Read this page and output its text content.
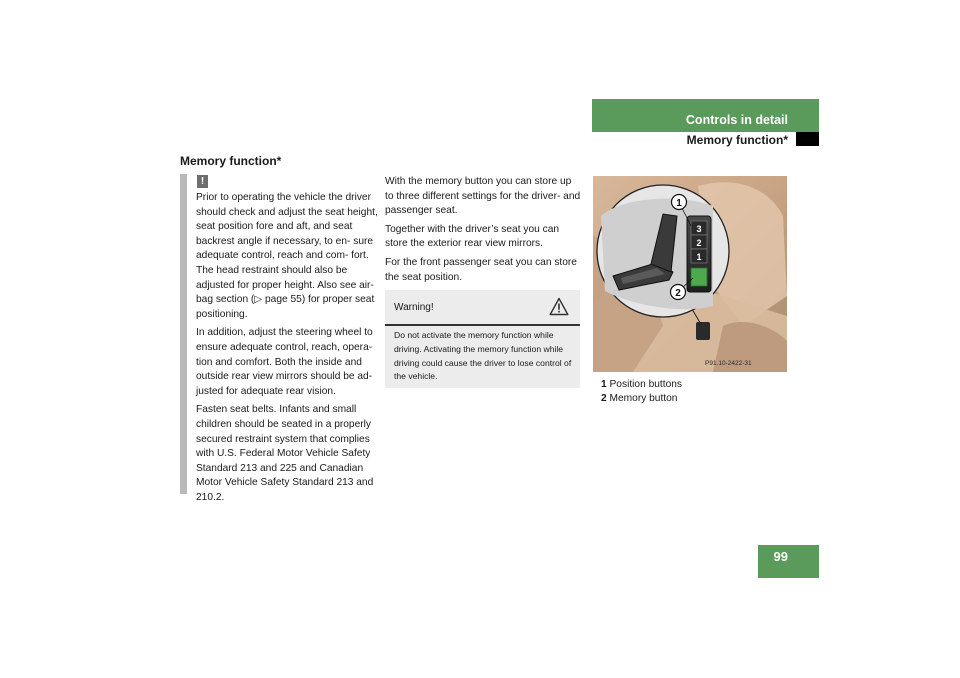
Controls in detail
Memory function*
Memory function*
!

Prior to operating the vehicle the driver should check and adjust the seat height, seat position fore and aft, and seat backrest angle if necessary, to en- sure adequate control, reach and com- fort. The head restraint should also be adjusted for proper height. Also see air- bag section (▷ page 55) for proper seat positioning.

In addition, adjust the steering wheel to ensure adequate control, reach, opera- tion and comfort. Both the inside and outside rear view mirrors should be ad- justed for adequate rear vision.

Fasten seat belts. Infants and small children should be seated in a properly secured restraint system that complies with U.S. Federal Motor Vehicle Safety Standard 213 and 225 and Canadian Motor Vehicle Safety Standard 213 and 210.2.

With the memory button you can store up to three different settings for the driver- and passenger seat.

Together with the driver’s seat you can store the exterior rear view mirrors.

For the front passenger seat you can store the seat position.

Warning!
Do not activate the memory function while driving. Activating the memory function while driving could cause the driver to lose control of the vehicle.
3
2
1
1
2
P91.10-2422-31
1 Position buttons
2 Memory button
99
